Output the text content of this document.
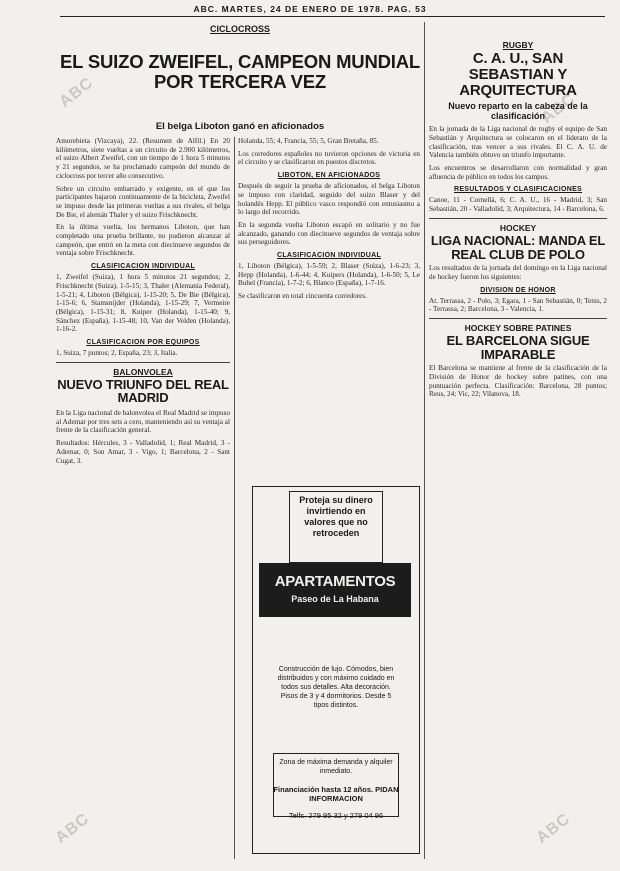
ABC	ABC
ABC	ABC
ABC. MARTES, 24 DE ENERO DE 1978. PAG. 53
CICLOCROSS
EL SUIZO ZWEIFEL, CAMPEON MUNDIAL POR TERCERA VEZ
El belga Liboton ganó en aficionados

Amorebieta (Vizcaya), 22. (Resumen de Alfil.) En 20 kilómetros, siete vueltas a un circuito de 2.900 kilómetros, el suizo Albert Zweifel, con un tiempo de 1 hora 5 minutos y 21 segundos, se ha proclamado campeón del mundo de ciclocross por tercer año consecutivo.

Sobre un circuito embarrado y exigente, en el que los participantes bajaron continuamente de la bicicleta, Zweifel se impuso desde las primeras vueltas a sus rivales, el belga De Bie, el alemán Thaler y el suizo Frischknecht.

En la última vuelta, los hermanos Liboton, que han completado una prueba brillante, no pudieron alcanzar al campeón, que entró en la meta con diecinueve segundos de ventaja sobre Frischknecht.

CLASIFICACION INDIVIDUAL

1, Zweifel (Suiza), 1 hora 5 minutos 21 segundos; 2, Frischknecht (Suiza), 1-5-15; 3, Thaler (Alemania Federal), 1-5-21; 4, Liboton (Bélgica), 1-15-20; 5, De Bie (Bélgica), 1-15-6; 6, Stamsnijder (Holanda), 1-15-29; 7, Vermeire (Bélgica), 1-15-31; 8, Kuiper (Holanda), 1-15-40; 9, Sánchez (España), 1-15-48; 10, Van der Velden (Holanda), 1-16-2.

CLASIFICACION POR EQUIPOS

1, Suiza, 7 puntos; 2, España, 23; 3, Italia.

BALONVOLEA
NUEVO TRIUNFO DEL REAL MADRID

En la Liga nacional de balonvolea el Real Madrid se impuso al Ademar por tres sets a cero, manteniendo así su ventaja al frente de la clasificación general.

Resultados: Hércules, 3 - Valladolid, 1; Real Madrid, 3 - Ademar, 0; Son Amar, 3 - Vigo, 1; Barcelona, 2 - Sant Cugat, 3.

Holanda, 55; 4, Francia, 55; 5, Gran Bretaña, 85.

Los corredores españoles no tuvieron opciones de victoria en el circuito y se clasificaron en puestos discretos.

LIBOTON, EN AFICIONADOS

Después de seguir la prueba de aficionados, el belga Liboton se impuso con claridad, seguido del suizo Blaser y del holandés Hepp. El público vasco respondió con entusiasmo a lo largo del recorrido.

En la segunda vuelta Liboton escapó en solitario y no fue alcanzado, ganando con diecinueve segundos de ventaja sobre sus perseguidores.

CLASIFICACION INDIVIDUAL

1, Liboton (Bélgica), 1-5-59; 2, Blaser (Suiza), 1-6-23; 3, Hepp (Holanda), 1-6-44; 4, Kuipers (Holanda), 1-6-50; 5, Le Buhel (Francia), 1-7-2; 6, Blanco (España), 1-7-16.

Se clasificaron en total cincuenta corredores.

Proteja su dinero invirtiendo en valores que no retroceden
APARTAMENTOS
Paseo de La Habana
Construcción de lujo. Cómodos, bien distribuidos y con máximo cuidado en todos sus detalles. Alta decoración. Pisos de 3 y 4 dormitorios. Desde 5 tipos distintos.
Zona de máxima demanda y alquiler inmediato.
Financiación hasta 12 años. PIDAN INFORMACION
Telfs. 279 95 32 y 279 04 96
RUGBY
C. A. U., SAN SEBASTIAN Y ARQUITECTURA
Nuevo reparto en la cabeza de la clasificación

En la jornada de la Liga nacional de rugby el equipo de San Sebastián y Arquitectura se colocaron en el liderato de la clasificación, tras vencer a sus rivales. El C. A. U. de Valencia también obtuvo un triunfo importante.

Los encuentros se desarrollaron con normalidad y gran afluencia de público en todos los campos.

RESULTADOS Y CLASIFICACIONES

Canoe, 11 - Cornellá, 6; C. A. U., 16 - Madrid, 3; San Sebastián, 20 - Valladolid, 3; Arquitectura, 14 - Barcelona, 6.

HOCKEY
LIGA NACIONAL: MANDA EL REAL CLUB DE POLO

Los resultados de la jornada del domingo en la Liga nacional de hockey fueron los siguientes:

DIVISION DE HONOR

At. Terrassa, 2 - Polo, 3; Egara, 1 - San Sebastián, 0; Tenis, 2 - Terrassa, 2; Barcelona, 3 - Valencia, 1.

HOCKEY SOBRE PATINES
EL BARCELONA SIGUE IMPARABLE

El Barcelona se mantiene al frente de la clasificación de la División de Honor de hockey sobre patines, con una puntuación perfecta. Clasificación: Barcelona, 28 puntos; Reus, 24; Vic, 22; Vilanova, 18.
